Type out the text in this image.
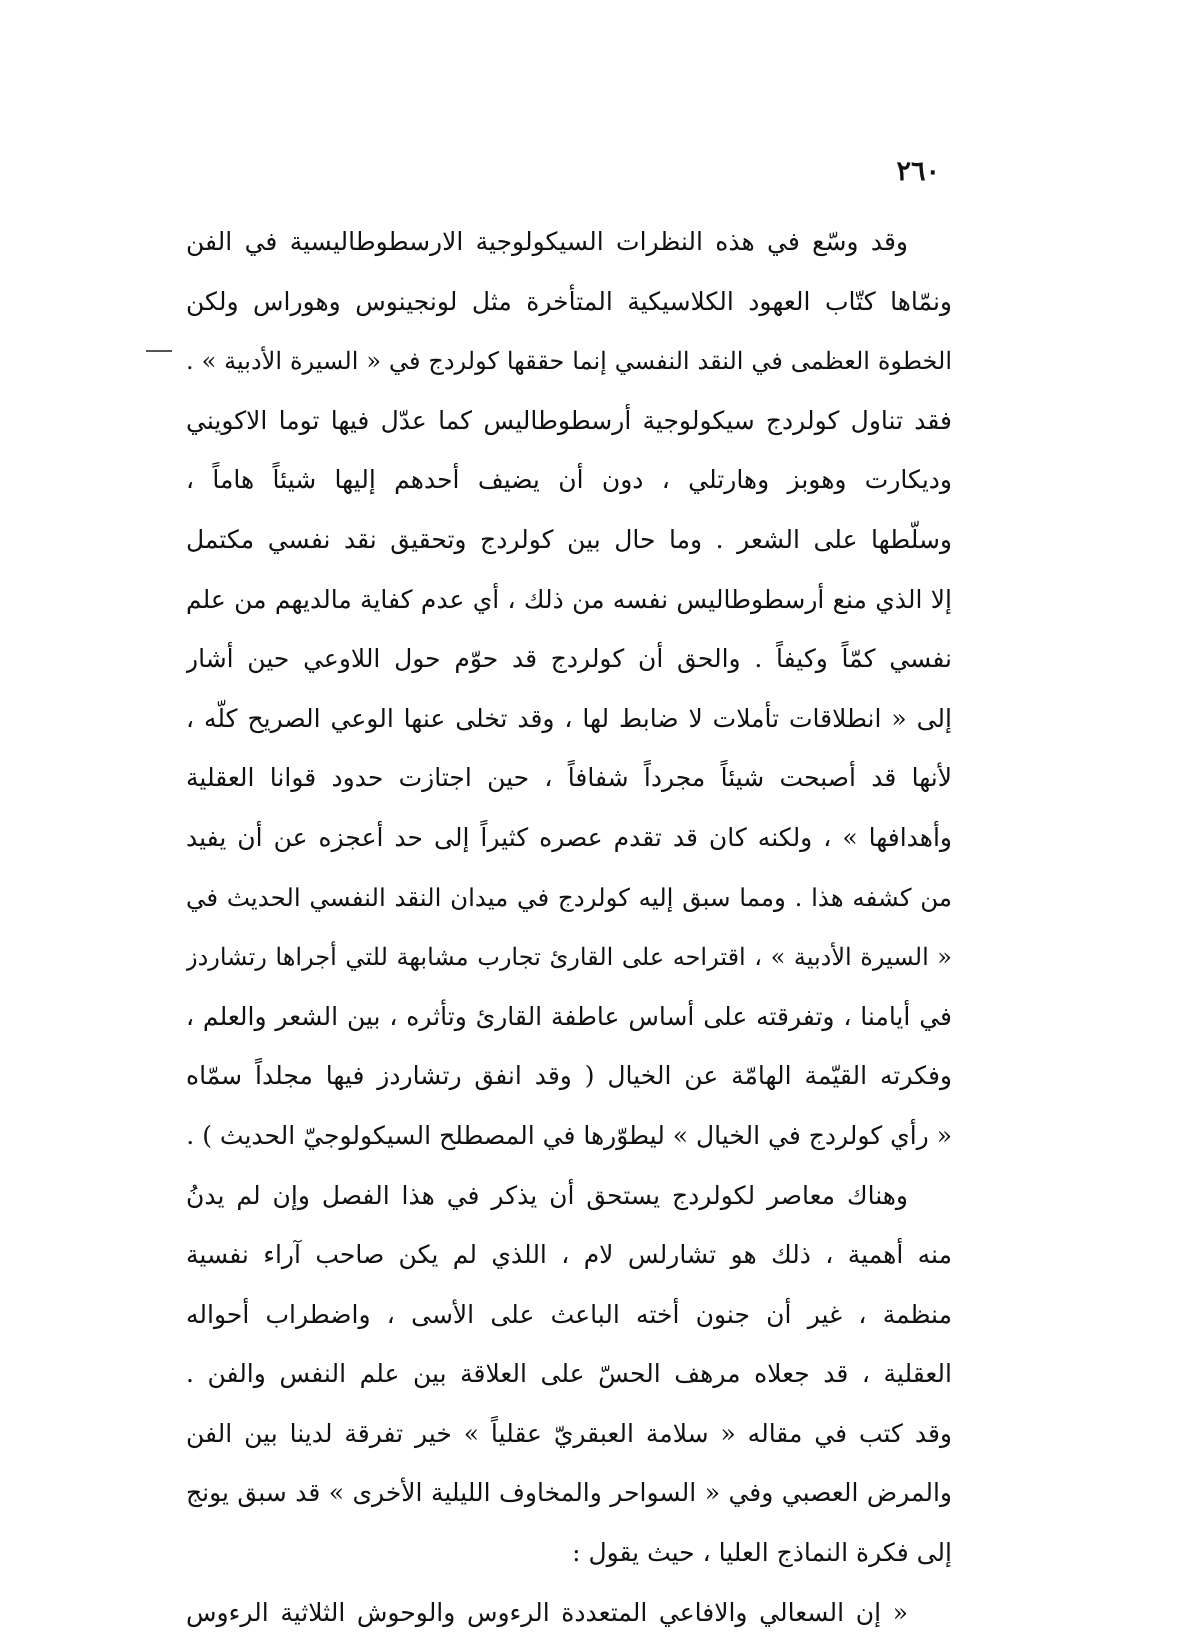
٢٦٠
وقد وسّع في هذه النظرات السيكولوجية الارسطوطاليسية في الفن
ونمّاها كتّاب العهود الكلاسيكية المتأخرة مثل لونجينوس وهوراس ولكن
الخطوة العظمى في النقد النفسي إنما حققها كولردج في « السيرة الأدبية » .
فقد تناول كولردج سيكولوجية أرسطوطاليس كما عدّل فيها توما الاكويني
وديكارت وهوبز وهارتلي ، دون أن يضيف أحدهم إليها شيئاً هاماً ،
وسلّطها على الشعر . وما حال بين كولردج وتحقيق نقد نفسي مكتمل
إلا الذي منع أرسطوطاليس نفسه من ذلك ، أي عدم كفاية مالديهم من علم
نفسي كمّاً وكيفاً . والحق أن كولردج قد حوّم حول اللاوعي حين أشار
إلى « انطلاقات تأملات لا ضابط لها ، وقد تخلى عنها الوعي الصريح كلّه ،
لأنها قد أصبحت شيئاً مجرداً شفافاً ، حين اجتازت حدود قوانا العقلية
وأهدافها » ، ولكنه كان قد تقدم عصره كثيراً إلى حد أعجزه عن أن يفيد
من كشفه هذا . ومما سبق إليه كولردج في ميدان النقد النفسي الحديث في
« السيرة الأدبية » ، اقتراحه على القارئ تجارب مشابهة للتي أجراها رتشاردز
في أيامنا ، وتفرقته على أساس عاطفة القارئ وتأثره ، بين الشعر والعلم ،
وفكرته القيّمة الهامّة عن الخيال ( وقد انفق رتشاردز فيها مجلداً سمّاه
« رأي كولردج في الخيال » ليطوّرها في المصطلح السيكولوجيّ الحديث ) .
وهناك معاصر لكولردج يستحق أن يذكر في هذا الفصل وإن لم يدنُ
منه أهمية ، ذلك هو تشارلس لام ، اللذي لم يكن صاحب آراء نفسية
منظمة ، غير أن جنون أخته الباعث على الأسى ، واضطراب أحواله
العقلية ، قد جعلاه مرهف الحسّ على العلاقة بين علم النفس والفن .
وقد كتب في مقاله « سلامة العبقريّ عقلياً » خير تفرقة لدينا بين الفن
والمرض العصبي وفي « السواحر والمخاوف الليلية الأخرى » قد سبق يونج
إلى فكرة النماذج العليا ، حيث يقول :
« إن السعالي والافاعي المتعددة الرءوس والوحوش الثلاثية الرءوس
